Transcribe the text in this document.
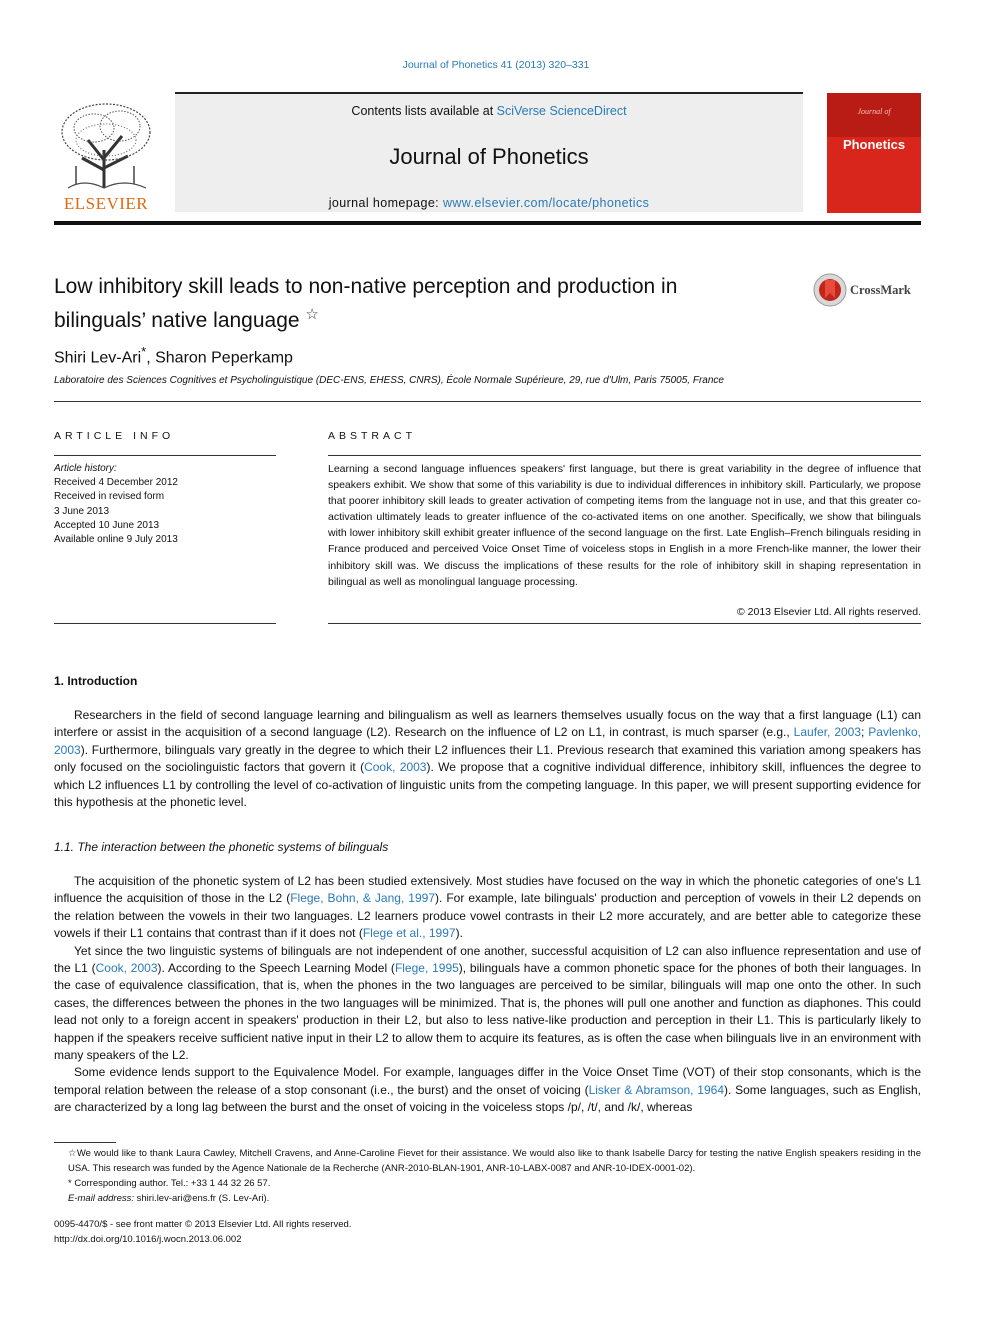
Journal of Phonetics 41 (2013) 320–331
ELSEVIER
Contents lists available at SciVerse ScienceDirect
Journal of Phonetics
journal homepage: www.elsevier.com/locate/phonetics
Journal of
Phonetics
Low inhibitory skill leads to non-native perception and production in bilinguals’ native language ☆
CrossMark
Shiri Lev-Ari*, Sharon Peperkamp
Laboratoire des Sciences Cognitives et Psycholinguistique (DEC-ENS, EHESS, CNRS), École Normale Supérieure, 29, rue d'Ulm, Paris 75005, France
ARTICLE INFO
Article history:
Received 4 December 2012
Received in revised form
3 June 2013
Accepted 10 June 2013
Available online 9 July 2013
ABSTRACT
Learning a second language influences speakers' first language, but there is great variability in the degree of influence that speakers exhibit. We show that some of this variability is due to individual differences in inhibitory skill. Particularly, we propose that poorer inhibitory skill leads to greater activation of competing items from the language not in use, and that this greater co-activation ultimately leads to greater influence of the co-activated items on one another. Specifically, we show that bilinguals with lower inhibitory skill exhibit greater influence of the second language on the first. Late English–French bilinguals residing in France produced and perceived Voice Onset Time of voiceless stops in English in a more French-like manner, the lower their inhibitory skill was. We discuss the implications of these results for the role of inhibitory skill in shaping representation in bilingual as well as monolingual language processing.
© 2013 Elsevier Ltd. All rights reserved.
1. Introduction

Researchers in the field of second language learning and bilingualism as well as learners themselves usually focus on the way that a first language (L1) can interfere or assist in the acquisition of a second language (L2). Research on the influence of L2 on L1, in contrast, is much sparser (e.g., Laufer, 2003; Pavlenko, 2003). Furthermore, bilinguals vary greatly in the degree to which their L2 influences their L1. Previous research that examined this variation among speakers has only focused on the sociolinguistic factors that govern it (Cook, 2003). We propose that a cognitive individual difference, inhibitory skill, influences the degree to which L2 influences L1 by controlling the level of co-activation of linguistic units from the competing language. In this paper, we will present supporting evidence for this hypothesis at the phonetic level.

1.1. The interaction between the phonetic systems of bilinguals

The acquisition of the phonetic system of L2 has been studied extensively. Most studies have focused on the way in which the phonetic categories of one's L1 influence the acquisition of those in the L2 (Flege, Bohn, & Jang, 1997). For example, late bilinguals' production and perception of vowels in their L2 depends on the relation between the vowels in their two languages. L2 learners produce vowel contrasts in their L2 more accurately, and are better able to categorize these vowels if their L1 contains that contrast than if it does not (Flege et al., 1997).

Yet since the two linguistic systems of bilinguals are not independent of one another, successful acquisition of L2 can also influence representation and use of the L1 (Cook, 2003). According to the Speech Learning Model (Flege, 1995), bilinguals have a common phonetic space for the phones of both their languages. In the case of equivalence classification, that is, when the phones in the two languages are perceived to be similar, bilinguals will map one onto the other. In such cases, the differences between the phones in the two languages will be minimized. That is, the phones will pull one another and function as diaphones. This could lead not only to a foreign accent in speakers' production in their L2, but also to less native-like production and perception in their L1. This is particularly likely to happen if the speakers receive sufficient native input in their L2 to allow them to acquire its features, as is often the case when bilinguals live in an environment with many speakers of the L2.

Some evidence lends support to the Equivalence Model. For example, languages differ in the Voice Onset Time (VOT) of their stop consonants, which is the temporal relation between the release of a stop consonant (i.e., the burst) and the onset of voicing (Lisker & Abramson, 1964). Some languages, such as English, are characterized by a long lag between the burst and the onset of voicing in the voiceless stops /p/, /t/, and /k/, whereas

☆We would like to thank Laura Cawley, Mitchell Cravens, and Anne-Caroline Fievet for their assistance. We would also like to thank Isabelle Darcy for testing the native English speakers residing in the USA. This research was funded by the Agence Nationale de la Recherche (ANR-2010-BLAN-1901, ANR-10-LABX-0087 and ANR-10-IDEX-0001-02).
* Corresponding author. Tel.: +33 1 44 32 26 57.
E-mail address: shiri.lev-ari@ens.fr (S. Lev-Ari).
0095-4470/$ - see front matter © 2013 Elsevier Ltd. All rights reserved.
http://dx.doi.org/10.1016/j.wocn.2013.06.002
